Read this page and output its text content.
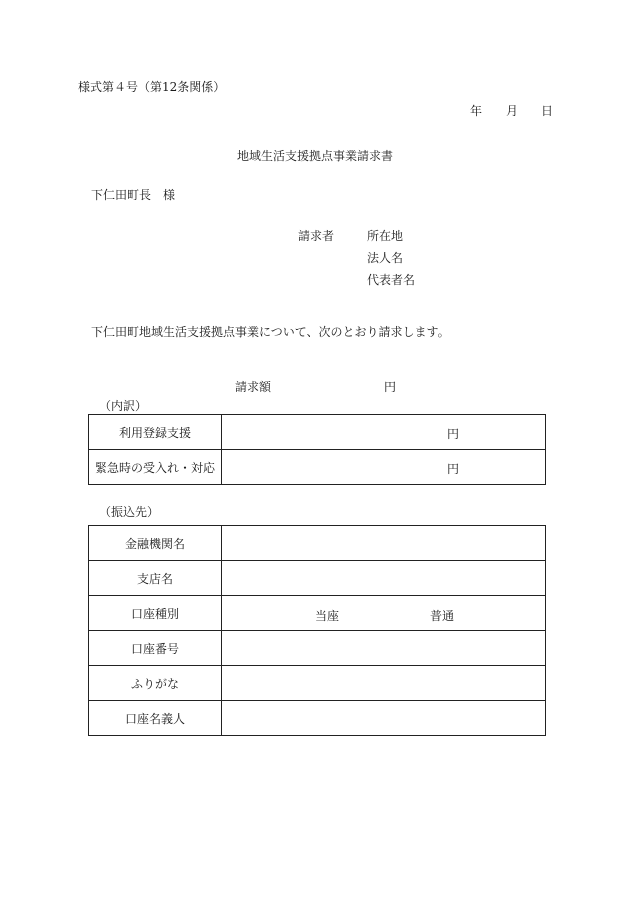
様式第４号（第12条関係）
年 月 日
地域生活支援拠点事業請求書
下仁田町長　様
請求者	所在地
法人名
代表者名
下仁田町地域生活支援拠点事業について、次のとおり請求します。
請求額	円
（内訳）
利用登録支援	円

緊急時の受入れ・対応	円
（振込先）
金融機関名	
支店名	
口座種別	当座 普通

口座番号	
ふりがな	
口座名義人	
